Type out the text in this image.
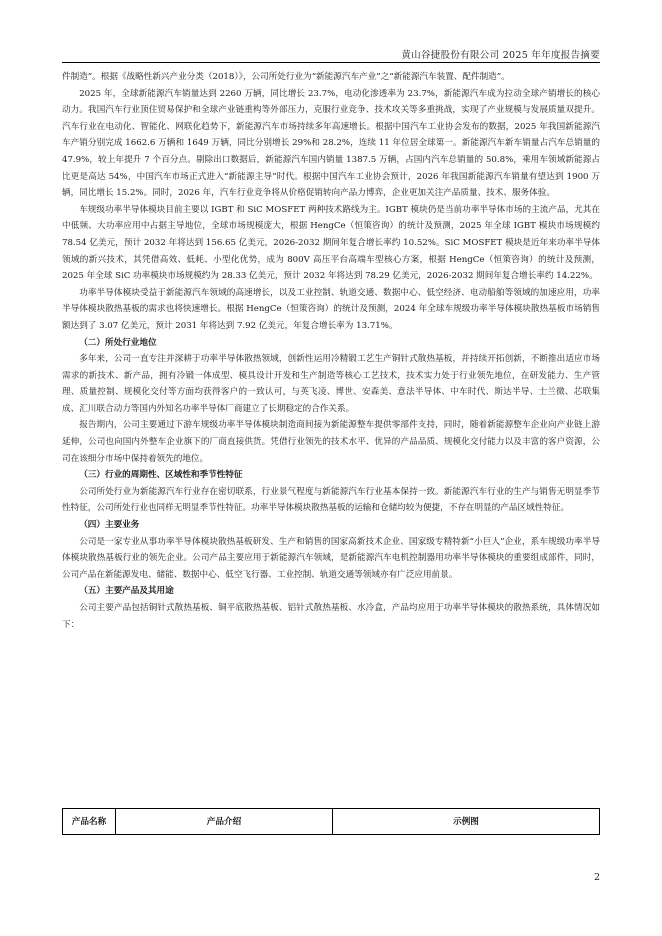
黄山谷捷股份有限公司 2025 年年度报告摘要

件制造”。根据《战略性新兴产业分类（2018）》，公司所处行业为“新能源汽车产业”之“新能源汽车装置、配件制造”。

2025 年，全球新能源汽车销量达到 2260 万辆，同比增长 23.7%，电动化渗透率为 23.7%，新能源汽车成为拉动全球产销增长的核心动力。我国汽车行业顶住贸易保护和全球产业链重构等外部压力，克服行业竞争、技术攻关等多重挑战，实现了产业规模与发展质量双提升。汽车行业在电动化、智能化、网联化趋势下，新能源汽车市场持续多年高速增长。根据中国汽车工业协会发布的数据，2025 年我国新能源汽车产销分别完成 1662.6 万辆和 1649 万辆，同比分别增长 29%和 28.2%，连续 11 年位居全球第一。新能源汽车新车销量占汽车总销量的 47.9%，较上年提升 7 个百分点。剔除出口数据后，新能源汽车国内销量 1387.5 万辆，占国内汽车总销量的 50.8%，乘用车领域新能源占比更是高达 54%，中国汽车市场正式进入“新能源主导”时代。根据中国汽车工业协会预计，2026 年我国新能源汽车销量有望达到 1900 万辆，同比增长 15.2%。同时，2026 年，汽车行业竞争将从价格促销转向产品力博弈，企业更加关注产品质量、技术、服务体验。

车规级功率半导体模块目前主要以 IGBT 和 SiC MOSFET 两种技术路线为主。IGBT 模块仍是当前功率半导体市场的主流产品，尤其在中低频、大功率应用中占据主导地位，全球市场规模庞大，根据 HengCe（恒策咨询）的统计及预测，2025 年全球 IGBT 模块市场规模约 78.54 亿美元，预计 2032 年将达到 156.65 亿美元，2026-2032 期间年复合增长率约 10.52%。SiC MOSFET 模块是近年来功率半导体领域的新兴技术，其凭借高效、低耗、小型化优势，成为 800V 高压平台高端车型核心方案，根据 HengCe（恒策咨询）的统计及预测，2025 年全球 SiC 功率模块市场规模约为 28.33 亿美元，预计 2032 年将达到 78.29 亿美元，2026-2032 期间年复合增长率约 14.22%。

功率半导体模块受益于新能源汽车领域的高速增长，以及工业控制、轨道交通、数据中心、低空经济、电动船舶等领域的加速应用，功率半导体模块散热基板的需求也将快速增长。根据 HengCe（恒策咨询）的统计及预测，2024 年全球车规级功率半导体模块散热基板市场销售额达到了 3.07 亿美元，预计 2031 年将达到 7.92 亿美元，年复合增长率为 13.71%。

（二）所处行业地位

多年来，公司一直专注并深耕于功率半导体散热领域，创新性运用冷精锻工艺生产铜针式散热基板，并持续开拓创新，不断推出适应市场需求的新技术、新产品，拥有冷锻一体成型、模具设计开发和生产制造等核心工艺技术，技术实力处于行业领先地位，在研发能力、生产管理、质量控制、规模化交付等方面均获得客户的一致认可，与英飞凌、博世、安森美、意法半导体、中车时代、斯达半导、士兰微、芯联集成、汇川联合动力等国内外知名功率半导体厂商建立了长期稳定的合作关系。

报告期内，公司主要通过下游车规级功率半导体模块制造商间接为新能源整车提供零部件支持，同时，随着新能源整车企业向产业链上游延伸，公司也向国内外整车企业旗下的厂商直接供货。凭借行业领先的技术水平、优异的产品品质、规模化交付能力以及丰富的客户资源，公司在该细分市场中保持着领先的地位。

（三）行业的周期性、区域性和季节性特征

公司所处行业为新能源汽车行业存在密切联系，行业景气程度与新能源汽车行业基本保持一致。新能源汽车行业的生产与销售无明显季节性特征，公司所处行业也同样无明显季节性特征。功率半导体模块散热基板的运输和仓储均较为便捷，不存在明显的产品区域性特征。

（四）主要业务

公司是一家专业从事功率半导体模块散热基板研发、生产和销售的国家高新技术企业、国家级专精特新“小巨人”企业，系车规级功率半导体模块散热基板行业的领先企业。公司产品主要应用于新能源汽车领域，是新能源汽车电机控制器用功率半导体模块的重要组成部件，同时，公司产品在新能源发电、储能、数据中心、低空飞行器、工业控制、轨道交通等领域亦有广泛应用前景。

（五）主要产品及其用途

公司主要产品包括铜针式散热基板、铜平底散热基板、铝针式散热基板、水冷盒，产品均应用于功率半导体模块的散热系统，具体情况如下：

产品名称	产品介绍	示例图
2
